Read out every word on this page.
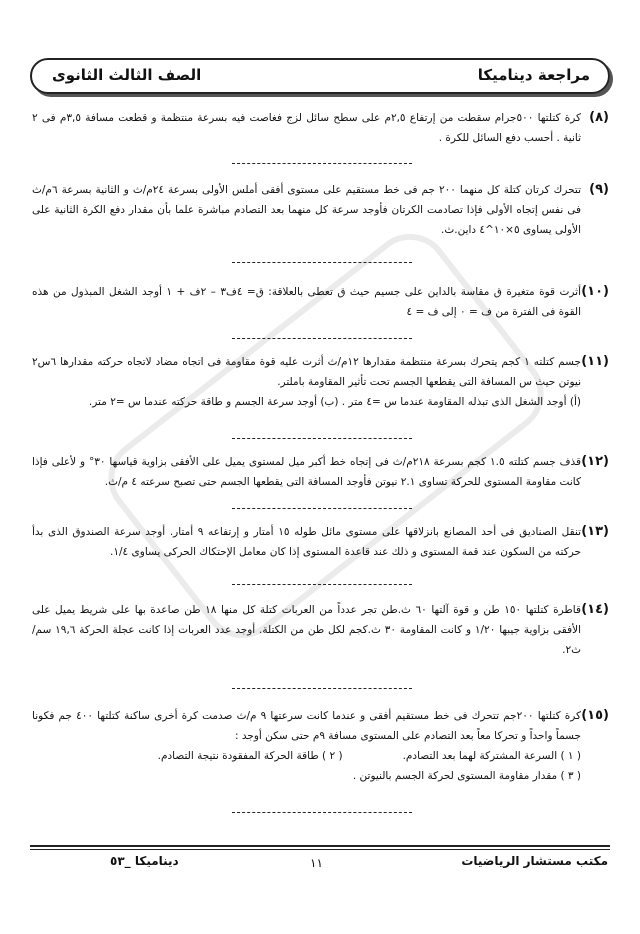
مراجعة ديناميكا
الصف الثالث الثانوى
(٨)
كرة كتلتها ٥٠٠جرام سقطت من إرتفاع ٢,٥م على سطح سائل لزج فغاصت فيه بسرعة منتظمة و قطعت مسافة ٣,٥م فى ٢ ثانية . أحسب دفع السائل للكرة .
(٩)
تتحرك كرتان كتلة كل منهما ٢٠٠ جم فى خط مستقيم على مستوى أفقى أملس الأولى بسرعة ٢٤م/ث و الثانية بسرعة ٦م/ث فى نفس إتجاه الأولى فإذا تصادمت الكرتان فأوجد سرعة كل منهما بعد التصادم مباشرة علما بأن مقدار دفع الكرة الثانية على الأولى يساوى ٥×١٠^٤ داين.ث.
(١٠)
أثرت قوة متغيرة ق مقاسة بالداين على جسيم حيث ق تعطى بالعلاقة: ق= ٤ف٣ – ٢ف + ١ أوجد الشغل المبذول من هذه القوة فى الفترة من ف = ٠ إلى ف = ٤
(١١)
جسم كتلته ١ كجم يتحرك بسرعة منتظمة مقدارها ١٢م/ث أثرت عليه قوة مقاومة فى اتجاه مضاد لاتجاه حركته مقدارها ٦س٢ نيوتن حيث س المسافة التى يقطعها الجسم تحت تأثير المقاومة باملتر.
(أ) أوجد الشغل الذى تبذله المقاومة عندما س =٤ متر . (ب) أوجد سرعة الجسم و طاقة حركته عندما س =٢ متر.
(١٢)
قذف جسم كتلته ١.٥ كجم بسرعة ٢١٨م/ث فى إتجاه خط أكبر ميل لمستوى يميل على الأفقى بزاوية قياسها ٣٠° و لأعلى فإذا كانت مقاومة المستوى للحركة تساوى ٢.١ نيوتن فأوجد المسافة التى يقطعها الجسم حتى تصبح سرعته ٤ م/ث.
(١٣)
تنقل الصناديق فى أحد المصانع بانزلاقها على مستوى مائل طوله ١٥ أمتار و إرتفاعه ٩ أمتار. أوجد سرعة الصندوق الذى بدأ حركته من السكون عند قمة المستوى و ذلك عند قاعدة المستوى إذا كان معامل الإحتكاك الحركى يساوى ١/٤.
(١٤)
قاطرة كتلتها ١٥٠ طن و قوة آلتها ٦٠ ث.طن تجر عدداً من العربات كتلة كل منها ١٨ طن صاعدة بها على شريط يميل على الأفقى بزاوية جيبها ١/٢٠ و كانت المقاومة ٣٠ ث.كجم لكل طن من الكتلة. أوجد عدد العربات إذا كانت عجلة الحركة ١٩,٦ سم/ث٢.
(١٥)
كرة كتلتها ٢٠٠جم تتحرك فى خط مستقيم أفقى و عندما كانت سرعتها ٩ م/ث صدمت كرة أخرى ساكنة كتلتها ٤٠٠ جم فكونا جسماً واحداً و تحركا معاً بعد التصادم على المستوى مسافة ٩م حتى سكن أوجد :
( ١ ) السرعة المشتركة لهما بعد التصادم.
( ٢ ) طاقة الحركة المفقودة نتيجة التصادم.
( ٣ ) مقدار مقاومة المستوى لحركة الجسم بالنيوتن .
ديناميكا _٥٣	١١	مكتب مستشار الرياضيات
